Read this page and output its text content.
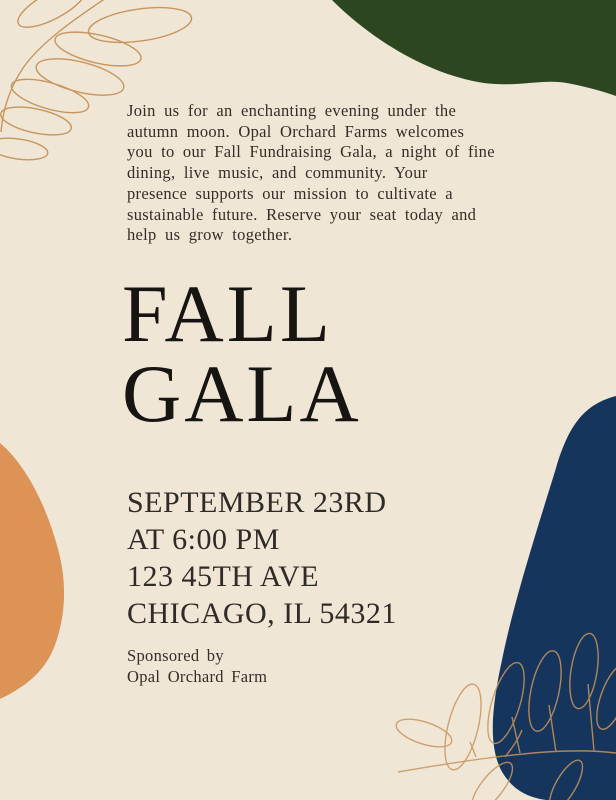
Join us for an enchanting evening under the
autumn moon. Opal Orchard Farms welcomes
you to our Fall Fundraising Gala, a night of fine
dining, live music, and community. Your
presence supports our mission to cultivate a
sustainable future. Reserve your seat today and
help us grow together.
FALL
GALA
SEPTEMBER 23RD
AT 6:00 PM
123 45TH AVE
CHICAGO, IL 54321
Sponsored by
Opal Orchard Farm
